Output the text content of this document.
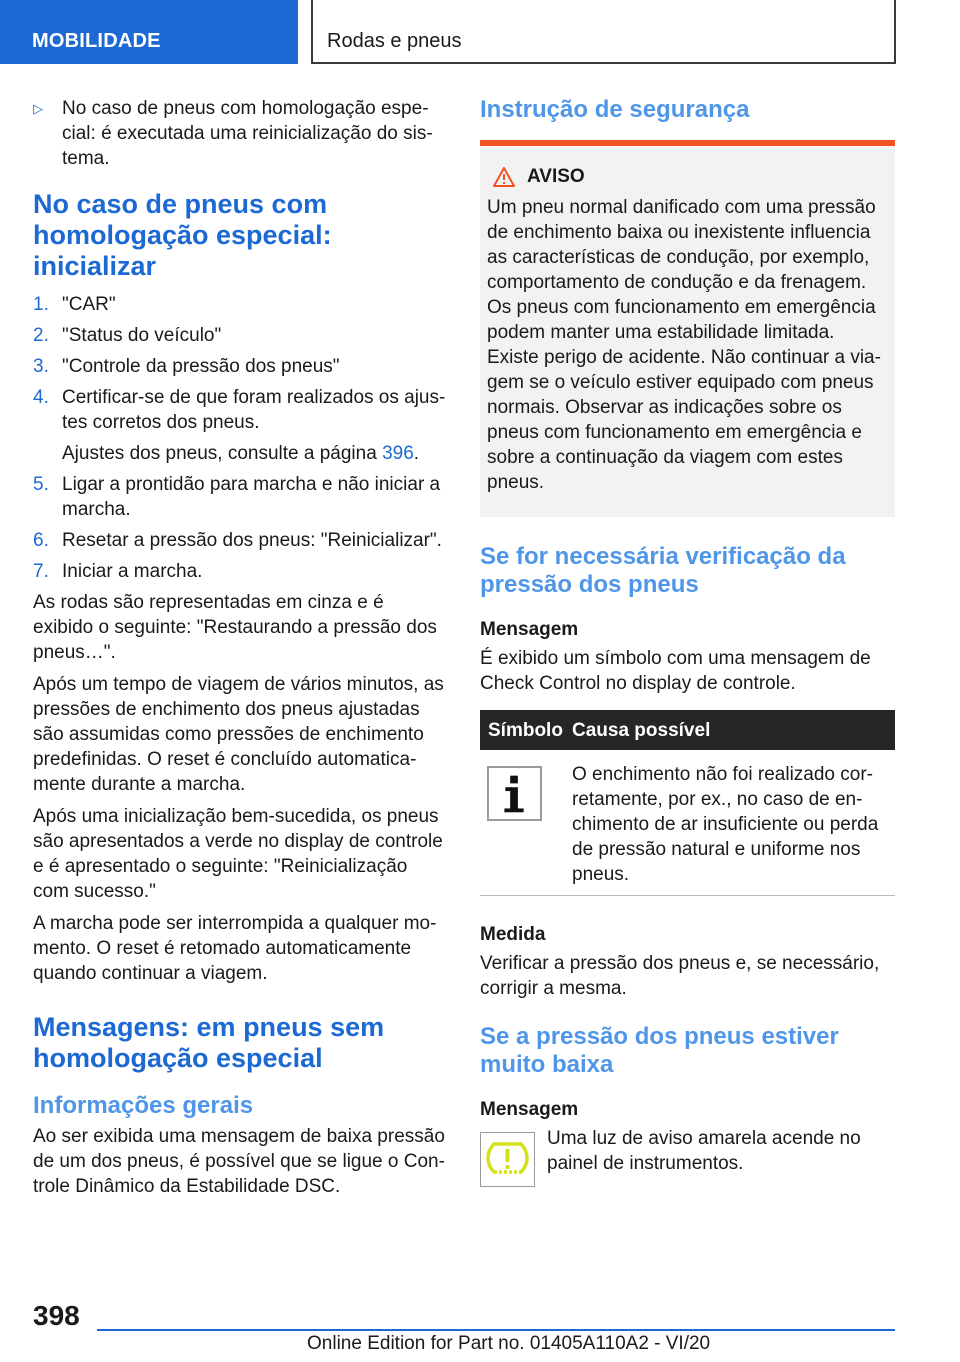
MOBILIDADE	Rodas e pneus
▷ No caso de pneus com homologação especial: é executada uma reinicialização do sistema.
No caso de pneus com homologação especial: inicializar
1. "CAR"
2. "Status do veículo"
3. "Controle da pressão dos pneus"
4. Certificar-se de que foram realizados os ajustes corretos dos pneus.
Ajustes dos pneus, consulte a página 396.
5. Ligar a prontidão para marcha e não iniciar a marcha.
6. Resetar a pressão dos pneus: "Reinicializar".
7. Iniciar a marcha.

As rodas são representadas em cinza e é exibido o seguinte: "Restaurando a pressão dos pneus…".

Após um tempo de viagem de vários minutos, as pressões de enchimento dos pneus ajustadas são assumidas como pressões de enchimento predefinidas. O reset é concluído automaticamente durante a marcha.

Após uma inicialização bem-sucedida, os pneus são apresentados a verde no display de controle e é apresentado o seguinte: "Reinicialização com sucesso."

A marcha pode ser interrompida a qualquer momento. O reset é retomado automaticamente quando continuar a viagem.

Mensagens: em pneus sem homologação especial
Informações gerais

Ao ser exibida uma mensagem de baixa pressão de um dos pneus, é possível que se ligue o Controle Dinâmico da Estabilidade DSC.

Instrução de segurança
AVISO

Um pneu normal danificado com uma pressão de enchimento baixa ou inexistente influencia as características de condução, por exemplo, comportamento de condução e da frenagem. Os pneus com funcionamento em emergência podem manter uma estabilidade limitada.

Existe perigo de acidente. Não continuar a viagem se o veículo estiver equipado com pneus normais. Observar as indicações sobre os pneus com funcionamento em emergência e sobre a continuação da viagem com estes pneus.

Se for necessária verificação da pressão dos pneus
Mensagem

É exibido um símbolo com uma mensagem de Check Control no display de controle.

Símbolo	Causa possível

	O enchimento não foi realizado corretamente, por ex., no caso de enchimento de ar insuficiente ou perda de pressão natural e uniforme nos pneus.
Medida

Verificar a pressão dos pneus e, se necessário, corrigir a mesma.

Se a pressão dos pneus estiver muito baixa
Mensagem

Uma luz de aviso amarela acende no painel de instrumentos.

398
Online Edition for Part no. 01405A110A2 - VI/20
